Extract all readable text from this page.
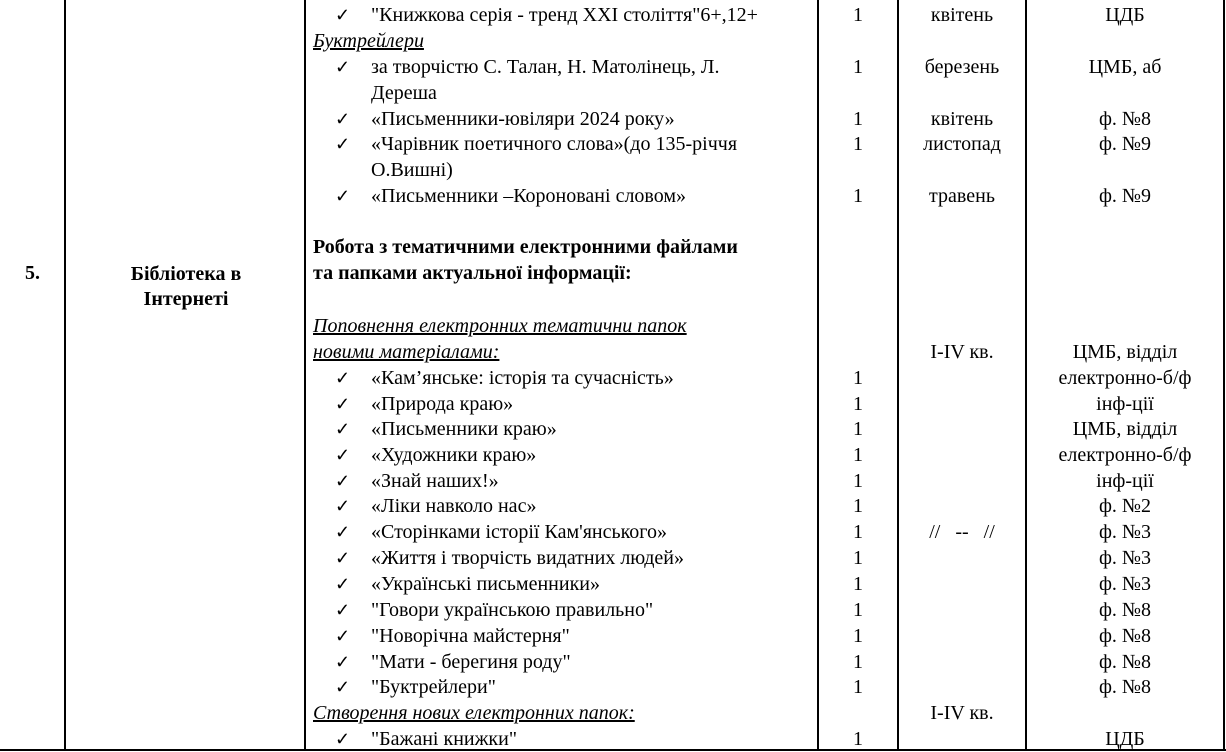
5.	Бібліотека в
Інтернеті
✓ "Книжкова серія - тренд XXI століття"6+,12+
Буктрейлери
✓ за творчістю С. Талан, Н. Матолінець, Л.
Дереша
✓ «Письменники-ювіляри 2024 року»
✓ «Чарівник поетичного слова»(до 135-річчя
О.Вишні)
✓ «Письменники –Короновані словом»
Робота з тематичними електронними файлами
та папками актуальної інформації:
Поповнення електронних тематични папок
новими матеріалами:
✓ «Кам’янське: історія та сучасність»
✓ «Природа краю»
✓ «Письменники краю»
✓ «Художники краю»
✓ «Знай наших!»
✓ «Ліки навколо нас»
✓ «Сторінками історії Кам'янського»
✓ «Життя і творчість видатних людей»
✓ «Українські письменники»
✓ "Говори українською правильно"
✓ "Новорічна майстерня"
✓ "Мати - берегиня роду"
✓ "Буктрейлери"
Створення нових електронних папок:
✓ "Бажані книжки"
1
1
1
1
1
1
1
1
1
1
1
1
1
1
1
1
1
1
1
квітень
березень
квітень
листопад
травень
I-IV кв.
//   --   //
I-IV кв.
ЦДБ
ЦМБ, аб
ф. №8
ф. №9
ф. №9
ЦМБ, відділ
електронно-б/ф
інф-ції
ЦМБ, відділ
електронно-б/ф
інф-ції
ф. №2
ф. №3
ф. №3
ф. №3
ф. №8
ф. №8
ф. №8
ф. №8
ЦДБ
